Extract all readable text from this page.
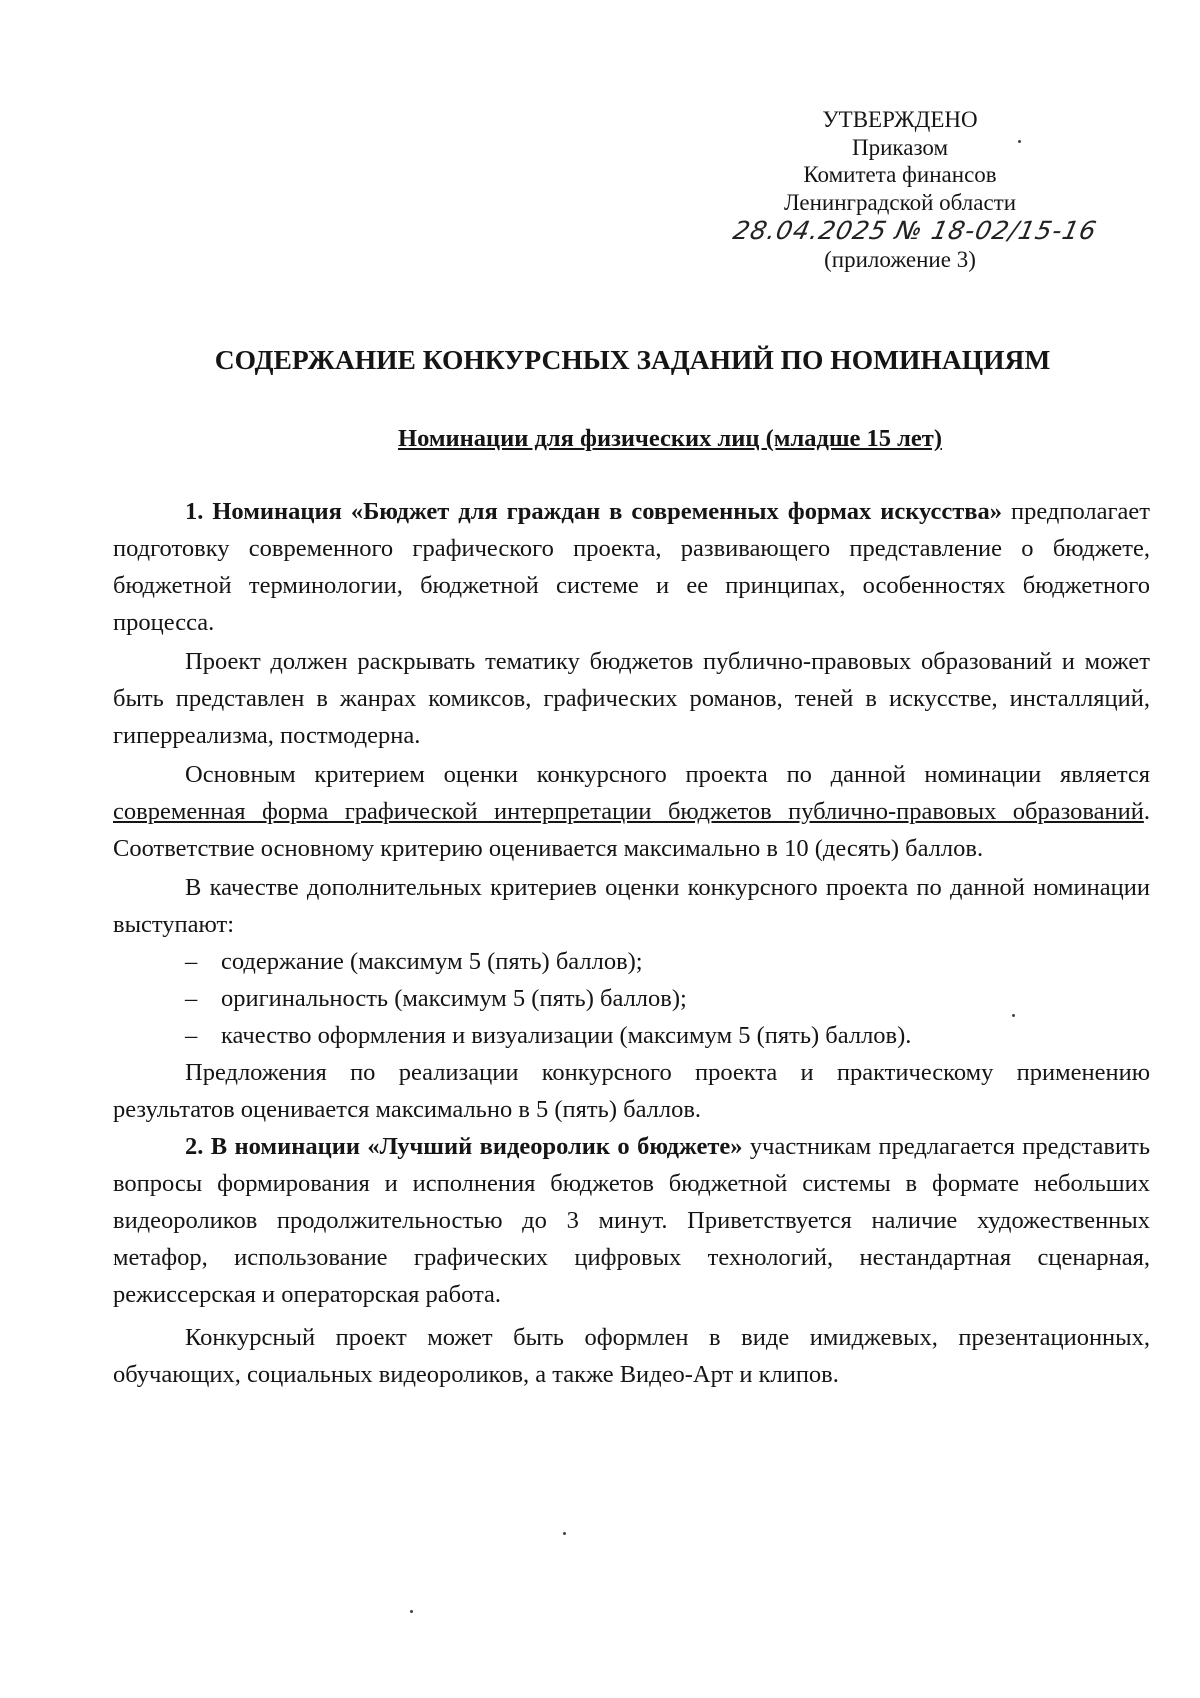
УТВЕРЖДЕНО
Приказом
Комитета финансов
Ленинградской области
28.04.2025 № 18-02/15-16
(приложение 3)
СОДЕРЖАНИЕ КОНКУРСНЫХ ЗАДАНИЙ ПО НОМИНАЦИЯМ
Номинации для физических лиц (младше 15 лет)

1. Номинация «Бюджет для граждан в современных формах искусства» предполагает подготовку современного графического проекта, развивающего представление о бюджете, бюджетной терминологии, бюджетной системе и ее принципах, особенностях бюджетного процесса.

Проект должен раскрывать тематику бюджетов публично-правовых образований и может быть представлен в жанрах комиксов, графических романов, теней в искусстве, инсталляций, гиперреализма, постмодерна.

Основным критерием оценки конкурсного проекта по данной номинации является современная форма графической интерпретации бюджетов публично-правовых образований. Соответствие основному критерию оценивается максимально в 10 (десять) баллов.

В качестве дополнительных критериев оценки конкурсного проекта по данной номинации выступают:

– содержание (максимум 5 (пять) баллов);
– оригинальность (максимум 5 (пять) баллов);
– качество оформления и визуализации (максимум 5 (пять) баллов).

Предложения по реализации конкурсного проекта и практическому применению результатов оценивается максимально в 5 (пять) баллов.

2. В номинации «Лучший видеоролик о бюджете» участникам предлагается представить вопросы формирования и исполнения бюджетов бюджетной системы в формате небольших видеороликов продолжительностью до 3 минут. Приветствуется наличие художественных метафор, использование графических цифровых технологий, нестандартная сценарная, режиссерская и операторская работа.

Конкурсный проект может быть оформлен в виде имиджевых, презентационных, обучающих, социальных видеороликов, а также Видео-Арт и клипов.
